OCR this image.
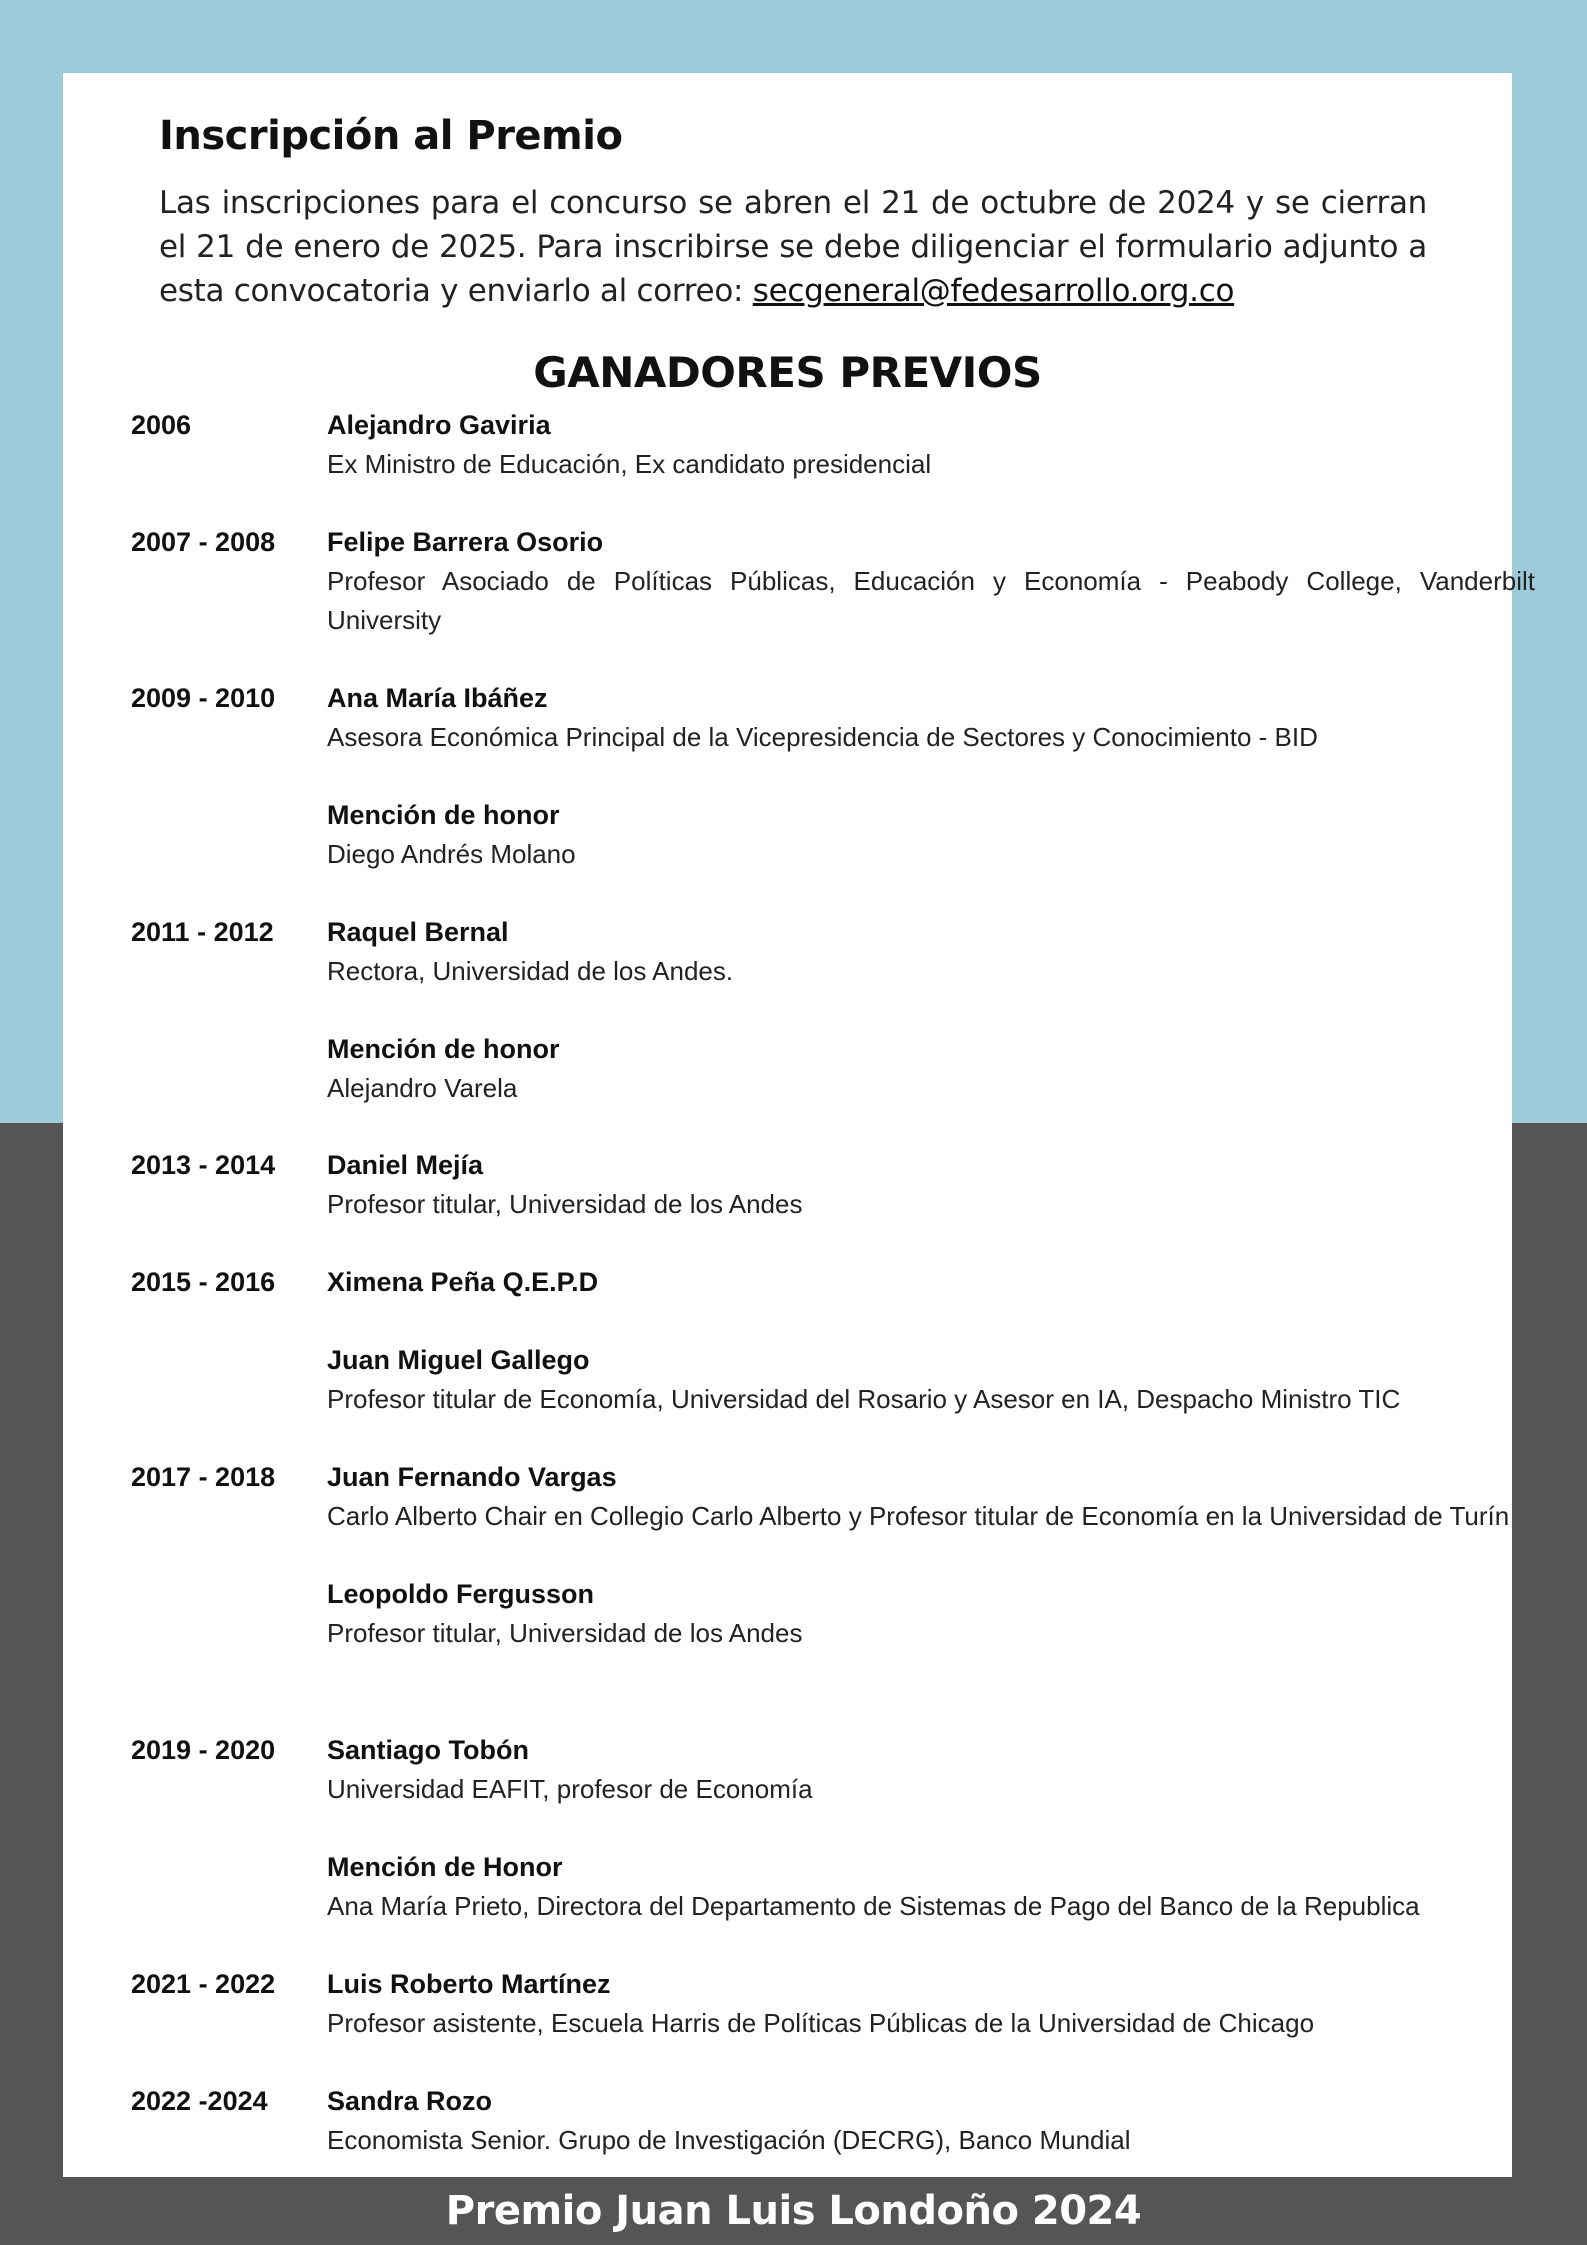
Inscripción al Premio
Las inscripciones para el concurso se abren el 21 de octubre de 2024 y se cierran el 21 de enero de 2025. Para inscribirse se debe diligenciar el formulario adjunto a esta convocatoria y enviarlo al correo: secgeneral@fedesarrollo.org.co
GANADORES PREVIOS
2006	Alejandro Gaviria
Ex Ministro de Educación, Ex candidato presidencial
2007 - 2008 Felipe Barrera Osorio
Profesor Asociado de Políticas Públicas, Educación y Economía - Peabody College, Vanderbilt University
2009 - 2010 Ana María Ibáñez
Asesora Económica Principal de la Vicepresidencia de Sectores y Conocimiento - BID
Mención de honor
Diego Andrés Molano
2011 - 2012 Raquel Bernal
Rectora, Universidad de los Andes.
Mención de honor
Alejandro Varela
2013 - 2014 Daniel Mejía
Profesor titular, Universidad de los Andes
2015 - 2016 Ximena Peña Q.E.P.D
Juan Miguel Gallego
Profesor titular de Economía, Universidad del Rosario y Asesor en IA, Despacho Ministro TIC
2017 - 2018 Juan Fernando Vargas
Carlo Alberto Chair en Collegio Carlo Alberto y Profesor titular de Economía en la Universidad de Turín
Leopoldo Fergusson
Profesor titular, Universidad de los Andes
2019 - 2020 Santiago Tobón
Universidad EAFIT, profesor de Economía
Mención de Honor
Ana María Prieto, Directora del Departamento de Sistemas de Pago del Banco de la Republica
2021 - 2022 Luis Roberto Martínez
Profesor asistente, Escuela Harris de Políticas Públicas de la Universidad de Chicago
2022 -2024 Sandra Rozo
Economista Senior. Grupo de Investigación (DECRG), Banco Mundial
Premio Juan Luis Londoño 2024
